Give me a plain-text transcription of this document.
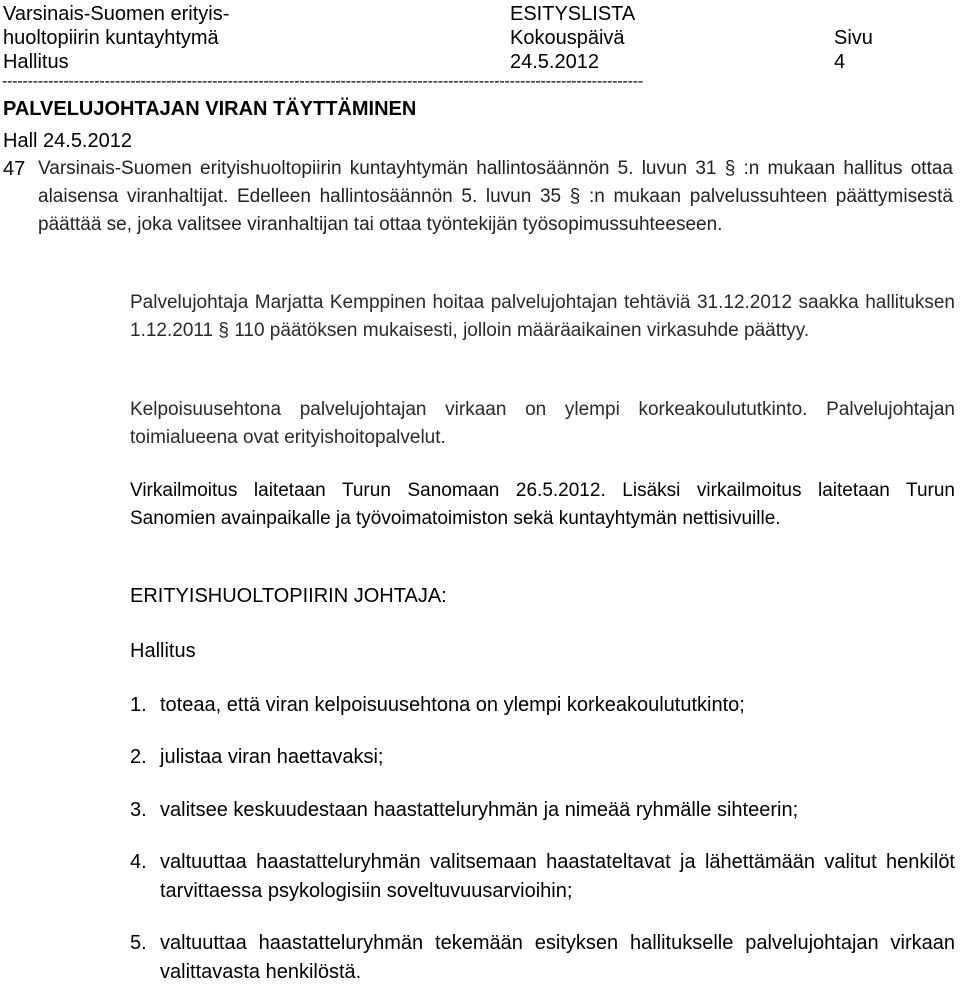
Varsinais-Suomen erityis-
huoltopiirin kuntayhtymä
Hallitus
ESITYSLISTA
Kokouspäivä
24.5.2012
Sivu
4
-----------------------------------------------------------------------------------------------------------------------------
PALVELUJOHTAJAN VIRAN TÄYTTÄMINEN
Hall 24.5.2012
47 Varsinais-Suomen erityishuoltopiirin kuntayhtymän hallintosäännön 5. luvun 31 § :n mukaan hallitus ottaa alaisensa viranhaltijat. Edelleen hallintosäännön 5. luvun 35 § :n mukaan palvelussuhteen päättymisestä päättää se, joka valitsee viranhaltijan tai ottaa työntekijän työsopimussuhteeseen.
Palvelujohtaja Marjatta Kemppinen hoitaa palvelujohtajan tehtäviä 31.12.2012 saakka hallituksen 1.12.2011 § 110 päätöksen mukaisesti, jolloin määräaikainen virkasuhde päättyy.
Kelpoisuusehtona palvelujohtajan virkaan on ylempi korkeakoulututkinto. Palvelujohtajan toimialueena ovat erityishoitopalvelut.
Virkailmoitus laitetaan Turun Sanomaan 26.5.2012. Lisäksi virkailmoitus laitetaan Turun Sanomien avainpaikalle ja työvoimatoimiston sekä kuntayhtymän nettisivuille.
ERITYISHUOLTOPIIRIN JOHTAJA:
Hallitus
1. toteaa, että viran kelpoisuusehtona on ylempi korkeakoulututkinto;
2. julistaa viran haettavaksi;
3. valitsee keskuudestaan haastatteluryhmän ja nimeää ryhmälle sihteerin;
4. valtuuttaa haastatteluryhmän valitsemaan haastateltavat ja lähettämään valitut henkilöt tarvittaessa psykologisiin soveltuvuusarvioihin;
5. valtuuttaa haastatteluryhmän tekemään esityksen hallitukselle palvelujohtajan virkaan valittavasta henkilöstä.
